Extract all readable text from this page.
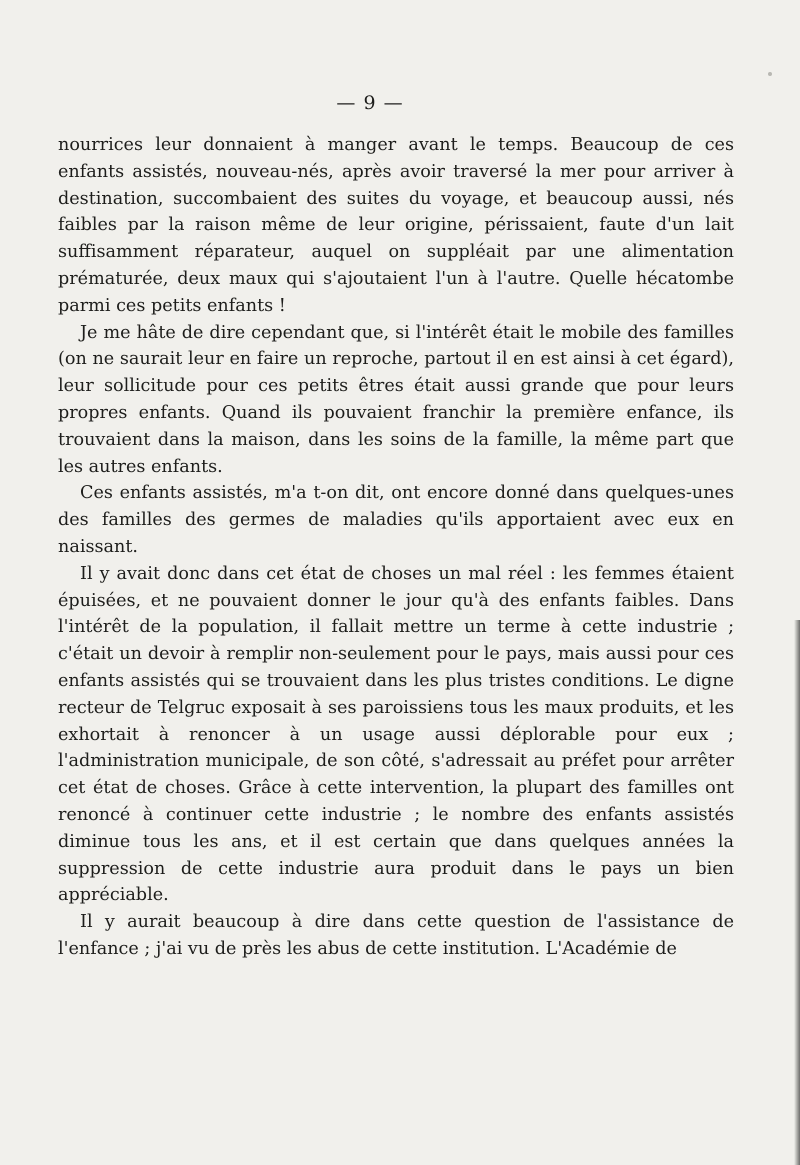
— 9 —

nourrices leur donnaient à manger avant le temps. Beaucoup de ces enfants assistés, nouveau-nés, après avoir traversé la mer pour arriver à destination, succombaient des suites du voyage, et beaucoup aussi, nés faibles par la raison même de leur origine, périssaient, faute d'un lait suffisamment réparateur, auquel on suppléait par une alimentation prématurée, deux maux qui s'ajoutaient l'un à l'autre. Quelle hécatombe parmi ces petits enfants !

Je me hâte de dire cependant que, si l'intérêt était le mobile des familles (on ne saurait leur en faire un reproche, partout il en est ainsi à cet égard), leur sollicitude pour ces petits êtres était aussi grande que pour leurs propres enfants. Quand ils pouvaient franchir la première enfance, ils trouvaient dans la maison, dans les soins de la famille, la même part que les autres enfants.

Ces enfants assistés, m'a t-on dit, ont encore donné dans quelques-unes des familles des germes de maladies qu'ils apportaient avec eux en naissant.

Il y avait donc dans cet état de choses un mal réel : les femmes étaient épuisées, et ne pouvaient donner le jour qu'à des enfants faibles. Dans l'intérêt de la population, il fallait mettre un terme à cette industrie ; c'était un devoir à remplir non-seulement pour le pays, mais aussi pour ces enfants assistés qui se trouvaient dans les plus tristes conditions. Le digne recteur de Telgruc exposait à ses paroissiens tous les maux produits, et les exhortait à renoncer à un usage aussi déplorable pour eux ; l'administration municipale, de son côté, s'adressait au préfet pour arrêter cet état de choses. Grâce à cette intervention, la plupart des familles ont renoncé à continuer cette industrie ; le nombre des enfants assistés diminue tous les ans, et il est certain que dans quelques années la suppression de cette industrie aura produit dans le pays un bien appréciable.

Il y aurait beaucoup à dire dans cette question de l'assistance de l'enfance ; j'ai vu de près les abus de cette institution. L'Académie de
